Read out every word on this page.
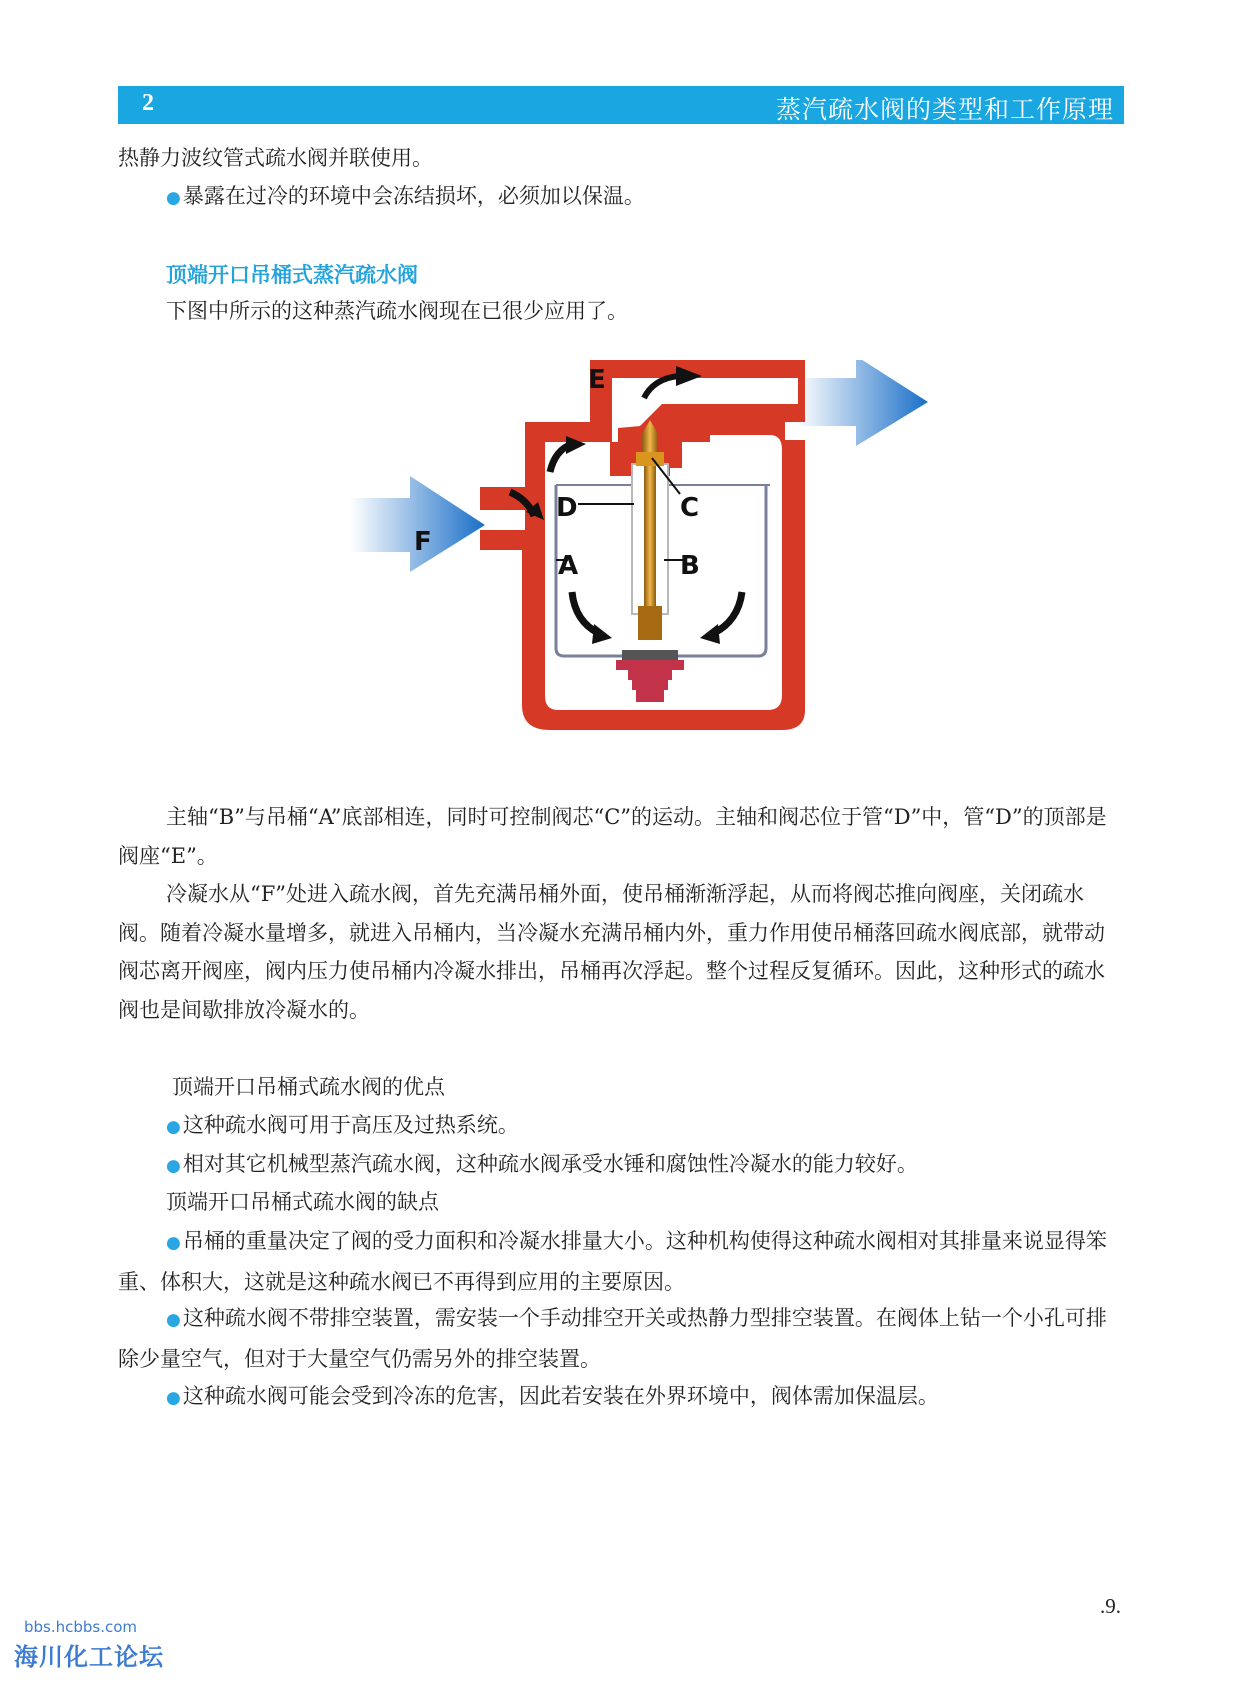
2	蒸汽疏水阀的类型和工作原理

热静力波纹管式疏水阀并联使用。

●暴露在过冷的环境中会冻结损坏，必须加以保温。

顶端开口吊桶式蒸汽疏水阀

下图中所示的这种蒸汽疏水阀现在已很少应用了。

E
D	C
A	B
F

主轴“B”与吊桶“A”底部相连，同时可控制阀芯“C”的运动。主轴和阀芯位于管“D”中，管“D”的顶部是阀座“E”。

冷凝水从“F”处进入疏水阀，首先充满吊桶外面，使吊桶渐渐浮起，从而将阀芯推向阀座，关闭疏水阀。随着冷凝水量增多，就进入吊桶内，当冷凝水充满吊桶内外，重力作用使吊桶落回疏水阀底部，就带动阀芯离开阀座，阀内压力使吊桶内冷凝水排出，吊桶再次浮起。整个过程反复循环。因此，这种形式的疏水阀也是间歇排放冷凝水的。

顶端开口吊桶式疏水阀的优点

●这种疏水阀可用于高压及过热系统。

●相对其它机械型蒸汽疏水阀，这种疏水阀承受水锤和腐蚀性冷凝水的能力较好。

顶端开口吊桶式疏水阀的缺点

●吊桶的重量决定了阀的受力面积和冷凝水排量大小。这种机构使得这种疏水阀相对其排量来说显得笨重、体积大，这就是这种疏水阀已不再得到应用的主要原因。

●这种疏水阀不带排空装置，需安装一个手动排空开关或热静力型排空装置。在阀体上钻一个小孔可排除少量空气，但对于大量空气仍需另外的排空装置。

●这种疏水阀可能会受到冷冻的危害，因此若安装在外界环境中，阀体需加保温层。

.9.
bbs.hcbbs.com
海川化工论坛
